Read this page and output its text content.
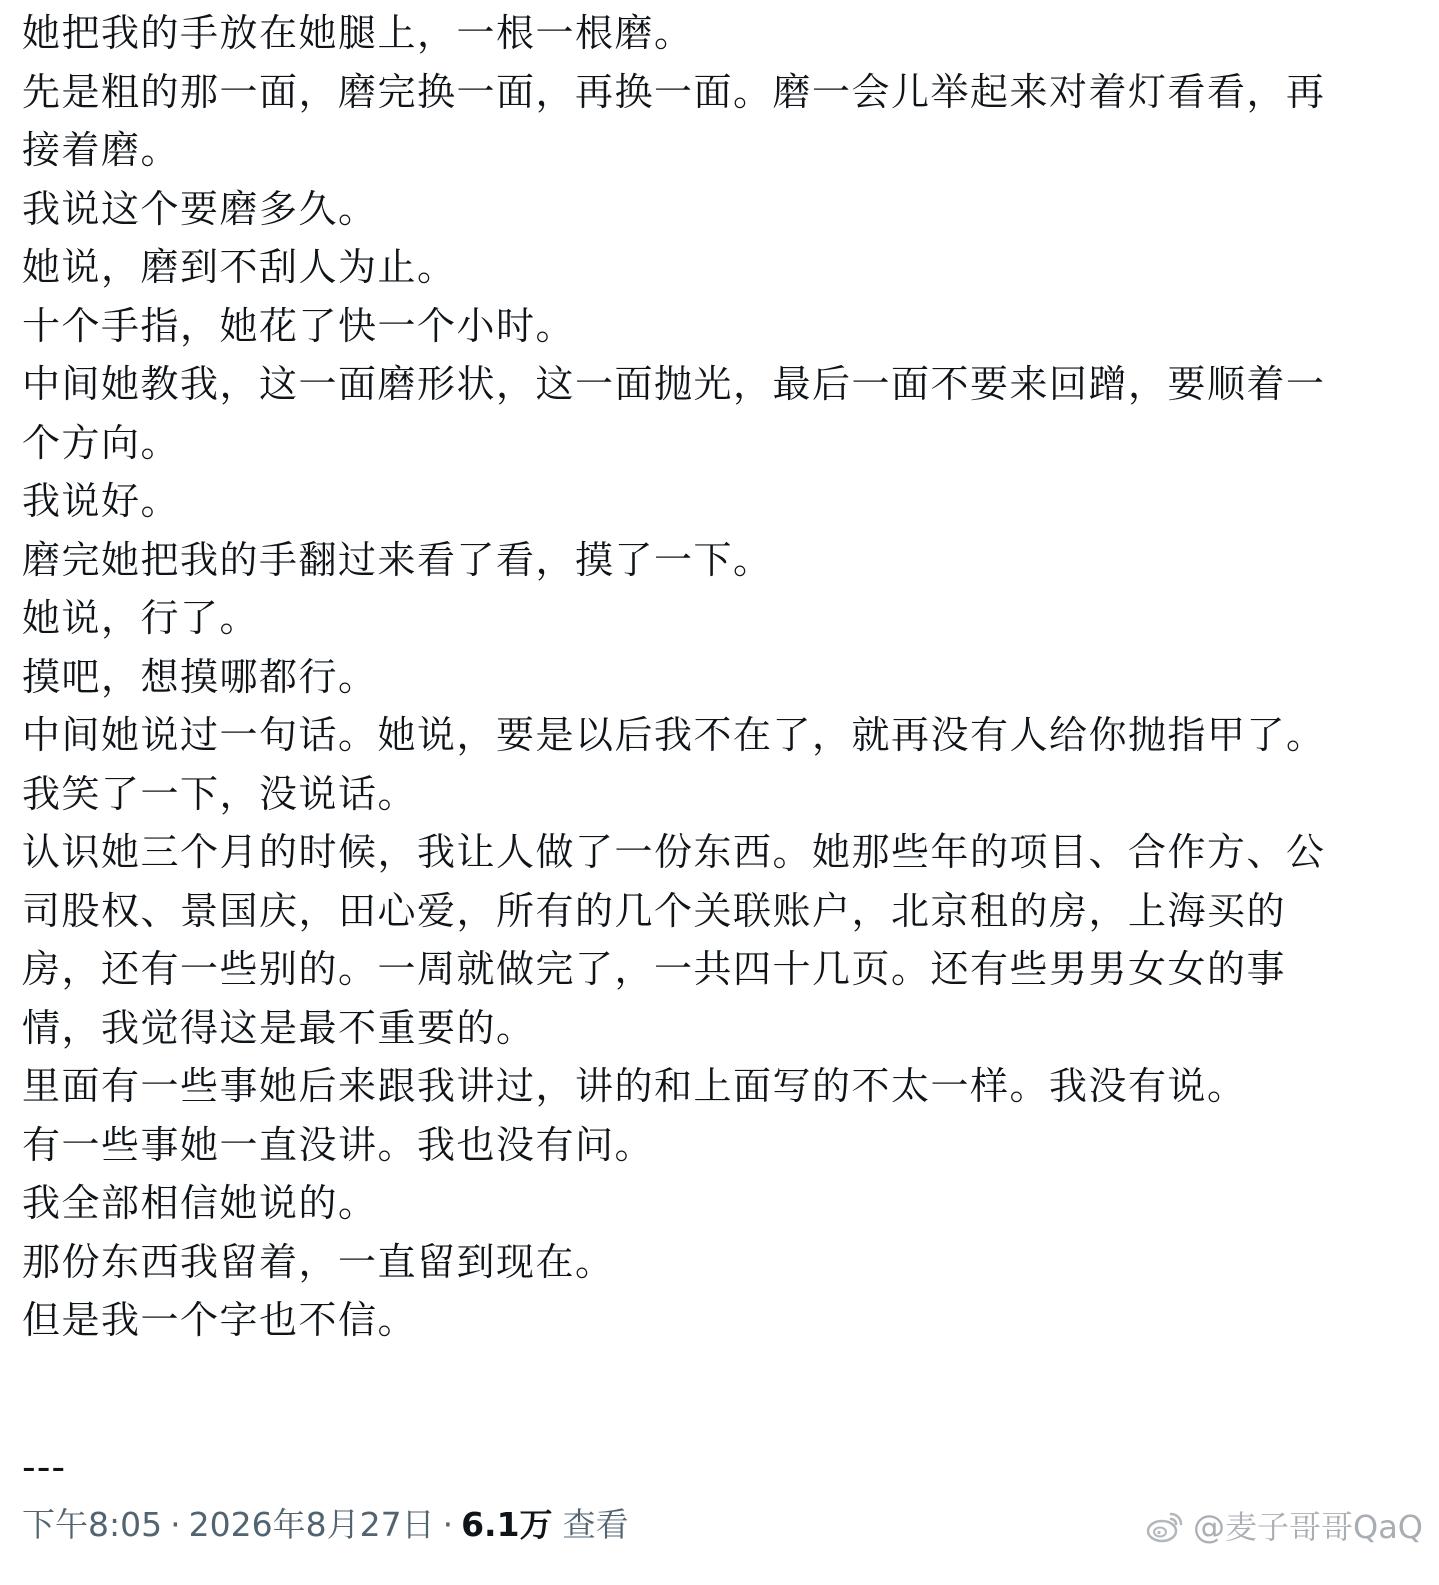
她把我的手放在她腿上，一根一根磨。
先是粗的那一面，磨完换一面，再换一面。磨一会儿举起来对着灯看看，再
接着磨。
我说这个要磨多久。
她说，磨到不刮人为止。
十个手指，她花了快一个小时。
中间她教我，这一面磨形状，这一面抛光，最后一面不要来回蹭，要顺着一
个方向。
我说好。
磨完她把我的手翻过来看了看，摸了一下。
她说，行了。
摸吧，想摸哪都行。
中间她说过一句话。她说，要是以后我不在了，就再没有人给你抛指甲了。
我笑了一下，没说话。
认识她三个月的时候，我让人做了一份东西。她那些年的项目、合作方、公
司股权、景国庆，田心爱，所有的几个关联账户，北京租的房，上海买的
房，还有一些别的。一周就做完了，一共四十几页。还有些男男女女的事
情，我觉得这是最不重要的。
里面有一些事她后来跟我讲过，讲的和上面写的不太一样。我没有说。
有一些事她一直没讲。我也没有问。
我全部相信她说的。
那份东西我留着，一直留到现在。
但是我一个字也不信。
---
下午8:05 · 2026年8月27日 · 6.1万 查看	@麦子哥哥QaQ
